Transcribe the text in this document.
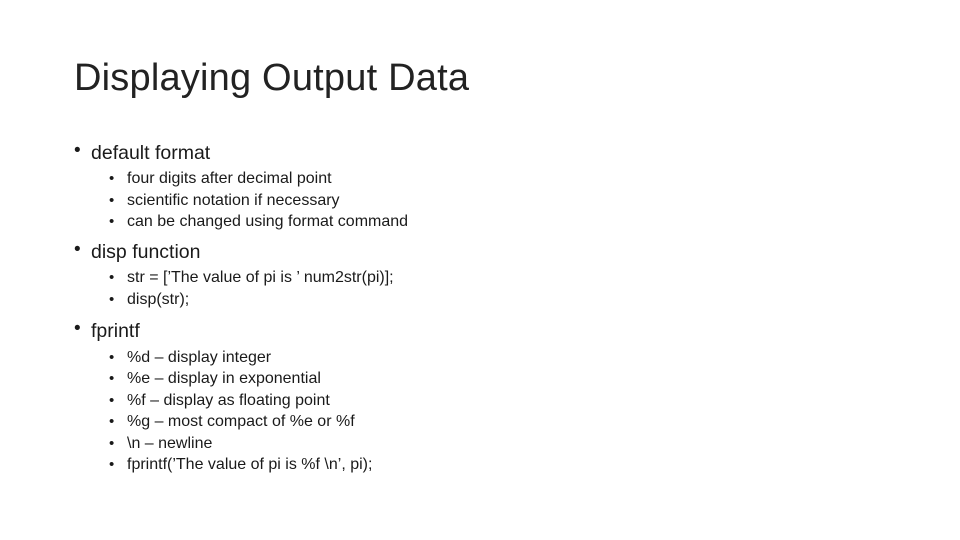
Displaying Output Data
• default format
• four digits after decimal point
• scientific notation if necessary
• can be changed using format command
• disp function
• str = [’The value of pi is ’ num2str(pi)];
• disp(str);
• fprintf
• %d – display integer
• %e – display in exponential
• %f – display as floating point
• %g – most compact of %e or %f
• \n – newline
• fprintf(’The value of pi is %f \n’, pi);
